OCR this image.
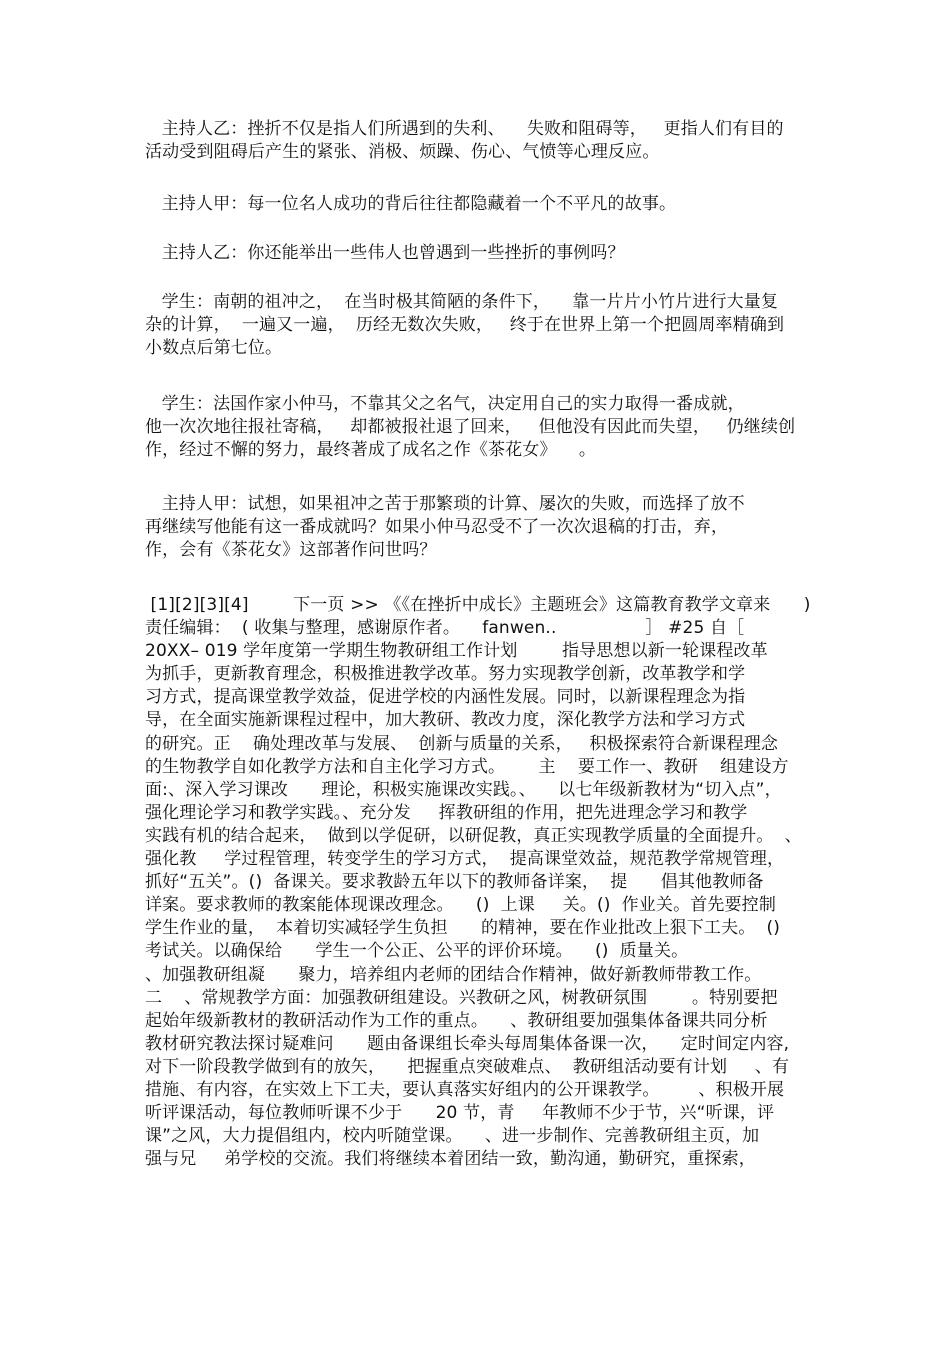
主持人乙：挫折不仅是指人们所遇到的失利、    失败和阻碍等，   更指人们有目的
活动受到阻碍后产生的紧张、消极、烦躁、伤心、气愤等心理反应。
主持人甲：每一位名人成功的背后往往都隐藏着一个不平凡的故事。
主持人乙：你还能举出一些伟人也曾遇到一些挫折的事例吗？
学生：南朝的祖冲之，  在当时极其简陋的条件下，    靠一片片小竹片进行大量复
杂的计算，  一遍又一遍，  历经无数次失败，   终于在世界上第一个把圆周率精确到
小数点后第七位。
学生：法国作家小仲马，不靠其父之名气，决定用自己的实力取得一番成就，
他一次次地往报社寄稿，   却都被报社退了回来，   但他没有因此而失望，   仍继续创
作，经过不懈的努力，最终著成了成名之作《茶花女》    。
主持人甲：试想，如果祖冲之苦于那繁琐的计算、屡次的失败，而选择了放不
再继续写他能有这一番成就吗？如果小仲马忍受不了一次次退稿的打击，弃，
作，会有《茶花女》这部著作问世吗？
[1][2][3][4]        下一页 >> 《《在挫折中成长》主题班会》这篇教育教学文章来      )
责任编辑：  ( 收集与整理，感谢原作者。    fanwen..                ］ #25 自［
20XX– 019 学年度第一学期生物教研组工作计划        指导思想以新一轮课程改革
为抓手，更新教育理念，积极推进教学改革。努力实现教学创新，改革教学和学
习方式，提高课堂教学效益，促进学校的内涵性发展。同时，以新课程理念为指
导，在全面实施新课程过程中，加大教研、教改力度，深化教学方法和学习方式
的研究。正    确处理改革与发展、  创新与质量的关系，   积极探索符合新课程理念
的生物教学自如化教学方法和自主化学习方式。      主    要工作一、教研    组建设方
面:、深入学习课改      理论，积极实施课改实践。、    以七年级新教材为“切入点”，
强化理论学习和教学实践。、充分发     挥教研组的作用，把先进理念学习和教学
实践有机的结合起来，  做到以学促研，以研促教，真正实现教学质量的全面提升。  、
强化教     学过程管理，转变学生的学习方式，  提高课堂效益，规范教学常规管理，
抓好“五关”。()  备课关。要求教龄五年以下的教师备详案，  提      倡其他教师备
详案。要求教师的教案能体现课改理念。    ()  上课     关。()  作业关。首先要控制
学生作业的量，  本着切实减轻学生负担      的精神，要在作业批改上狠下工夫。  ()
考试关。以确保给      学生一个公正、公平的评价环境。    ()  质量关。
、加强教研组凝      聚力，培养组内老师的团结合作精神，做好新教师带教工作。
二    、常规教学方面：加强教研组建设。兴教研之风，树教研氛围        。特别要把
起始年级新教材的教研活动作为工作的重点。    、教研组要加强集体备课共同分析
教材研究教法探讨疑难问      题由备课组长牵头每周集体备课一次，    定时间定内容,
对下一阶段教学做到有的放矢，    把握重点突破难点、  教研组活动要有计划     、有
措施、有内容，在实效上下工夫，要认真落实好组内的公开课教学。       、积极开展
听评课活动，每位教师听课不少于      20 节，青     年教师不少于节，兴“听课，评
课”之风，大力提倡组内，校内听随堂课。    、进一步制作、完善教研组主页，加
强与兄     弟学校的交流。我们将继续本着团结一致，勤沟通，勤研究，重探索，
